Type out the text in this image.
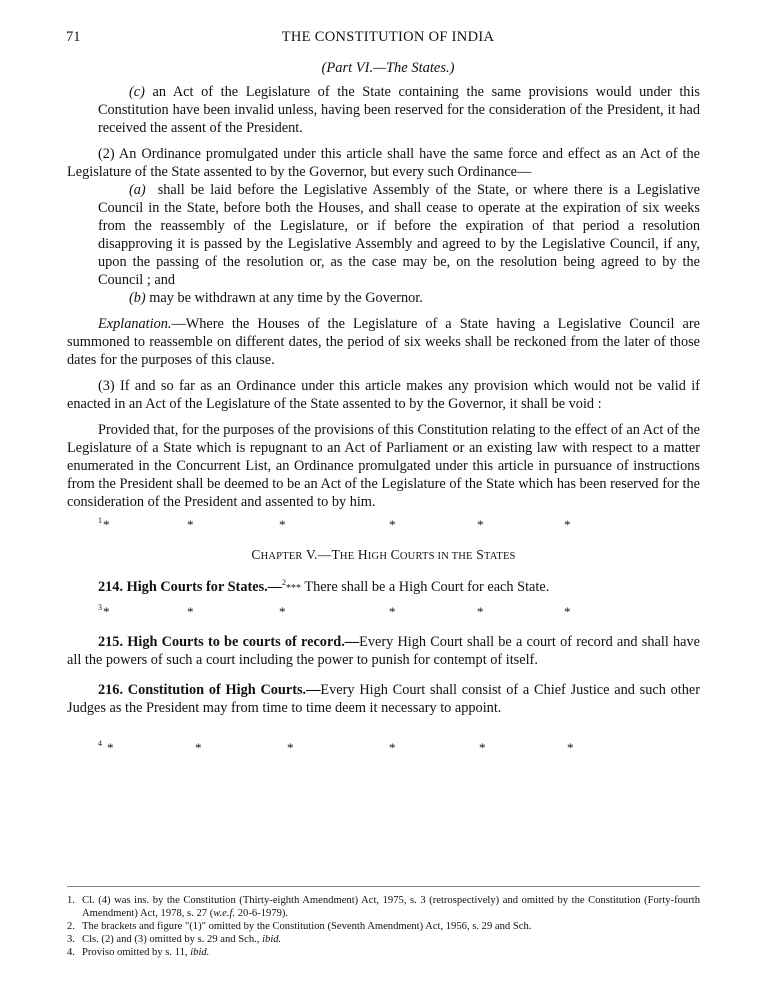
71	THE CONSTITUTION OF INDIA
(Part VI.—The States.)

(c) an Act of the Legislature of the State containing the same provisions would under this Constitution have been invalid unless, having been reserved for the consideration of the President, it had received the assent of the President.

(2) An Ordinance promulgated under this article shall have the same force and effect as an Act of the Legislature of the State assented to by the Governor, but every such Ordinance—

(a) shall be laid before the Legislative Assembly of the State, or where there is a Legislative Council in the State, before both the Houses, and shall cease to operate at the expiration of six weeks from the reassembly of the Legislature, or if before the expiration of that period a resolution disapproving it is passed by the Legislative Assembly and agreed to by the Legislative Council, if any, upon the passing of the resolution or, as the case may be, on the resolution being agreed to by the Council ; and

(b) may be withdrawn at any time by the Governor.

Explanation.—Where the Houses of the Legislature of a State having a Legislative Council are summoned to reassemble on different dates, the period of six weeks shall be reckoned from the later of those dates for the purposes of this clause.

(3) If and so far as an Ordinance under this article makes any provision which would not be valid if enacted in an Act of the Legislature of the State assented to by the Governor, it shall be void :

Provided that, for the purposes of the provisions of this Constitution relating to the effect of an Act of the Legislature of a State which is repugnant to an Act of Parliament or an existing law with respect to a matter enumerated in the Concurrent List, an Ordinance promulgated under this article in pursuance of instructions from the President shall be deemed to be an Act of the Legislature of the State which has been reserved for the consideration of the President and assented to by him.

1 *	*	*	*	*	*
CHAPTER V.—THE HIGH COURTS IN THE STATES

214. High Courts for States.—$^2$*** There shall be a High Court for each State.

3 *	*	*	*	*	*

215. High Courts to be courts of record.—Every High Court shall be a court of record and shall have all the powers of such a court including the power to punish for contempt of itself.

216. Constitution of High Courts.—Every High Court shall consist of a Chief Justice and such other Judges as the President may from time to time deem it necessary to appoint.

4 *	*	*	*	*	*
1. Cl. (4) was ins. by the Constitution (Thirty-eighth Amendment) Act, 1975, s. 3 (retrospectively) and omitted by the Constitution (Forty-fourth Amendment) Act, 1978, s. 27 (w.e.f. 20-6-1979).
2. The brackets and figure "(1)" omitted by the Constitution (Seventh Amendment) Act, 1956, s. 29 and Sch.
3. Cls. (2) and (3) omitted by s. 29 and Sch., ibid.
4. Proviso omitted by s. 11, ibid.
